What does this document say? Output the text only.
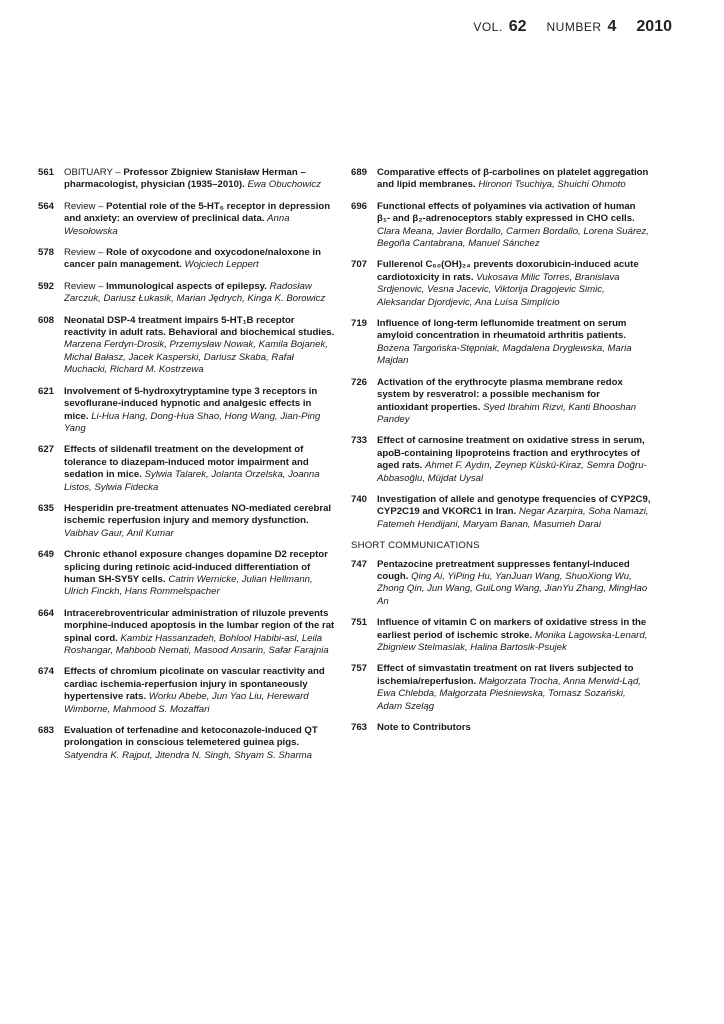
VOL. 62 NUMBER 4 2010
561	OBITUARY – Professor Zbigniew Stanisław Herman – pharmacologist, physician (1935–2010). Ewa Obuchowicz
564	Review – Potential role of the 5-HT₆ receptor in depression and anxiety: an overview of preclinical data. Anna Wesołowska
578	Review – Role of oxycodone and oxycodone/naloxone in cancer pain management. Wojciech Leppert
592	Review – Immunological aspects of epilepsy. Radosław Zarczuk, Dariusz Łukasik, Marian Jędrych, Kinga K. Borowicz
608	Neonatal DSP-4 treatment impairs 5-HT₁B receptor reactivity in adult rats. Behavioral and biochemical studies. Marzena Ferdyn-Drosik, Przemysław Nowak, Kamila Bojanek, Michał Bałasz, Jacek Kasperski, Dariusz Skaba, Rafał Muchacki, Richard M. Kostrzewa
621	Involvement of 5-hydroxytryptamine type 3 receptors in sevoflurane-induced hypnotic and analgesic effects in mice. Li-Hua Hang, Dong-Hua Shao, Hong Wang, Jian-Ping Yang
627	Effects of sildenafil treatment on the development of tolerance to diazepam-induced motor impairment and sedation in mice. Sylwia Talarek, Jolanta Orzelska, Joanna Listos, Sylwia Fidecka
635	Hesperidin pre-treatment attenuates NO-mediated cerebral ischemic reperfusion injury and memory dysfunction. Vaibhav Gaur, Anil Kumar
649	Chronic ethanol exposure changes dopamine D2 receptor splicing during retinoic acid-induced differentiation of human SH-SY5Y cells. Catrin Wernicke, Julian Hellmann, Ulrich Finckh, Hans Rommelspacher
664	Intracerebroventricular administration of riluzole prevents morphine-induced apoptosis in the lumbar region of the rat spinal cord. Kambiz Hassanzadeh, Bohlool Habibi-asl, Leila Roshangar, Mahboob Nemati, Masood Ansarin, Safar Farajnia
674	Effects of chromium picolinate on vascular reactivity and cardiac ischemia-reperfusion injury in spontaneously hypertensive rats. Worku Abebe, Jun Yao Liu, Hereward Wimborne, Mahmood S. Mozaffari
683	Evaluation of terfenadine and ketoconazole-induced QT prolongation in conscious telemetered guinea pigs. Satyendra K. Rajput, Jitendra N. Singh, Shyam S. Sharma
689	Comparative effects of β-carbolines on platelet aggregation and lipid membranes. Hironori Tsuchiya, Shuichi Ohmoto
696	Functional effects of polyamines via activation of human β₁- and β₂-adrenoceptors stably expressed in CHO cells. Clara Meana, Javier Bordallo, Carmen Bordallo, Lorena Suárez, Begoña Cantabrana, Manuel Sánchez
707	Fullerenol C₆₀(OH)₂₄ prevents doxorubicin-induced acute cardiotoxicity in rats. Vukosava Milic Torres, Branislava Srdjenovic, Vesna Jacevic, Viktorija Dragojevic Simic, Aleksandar Djordjevic, Ana Luísa Simplício
719	Influence of long-term leflunomide treatment on serum amyloid concentration in rheumatoid arthritis patients. Bożena Targońska-Stępniak, Magdalena Dryglewska, Maria Majdan
726	Activation of the erythrocyte plasma membrane redox system by resveratrol: a possible mechanism for antioxidant properties. Syed Ibrahim Rizvi, Kanti Bhooshan Pandey
733	Effect of carnosine treatment on oxidative stress in serum, apoB-containing lipoproteins fraction and erythrocytes of aged rats. Ahmet F. Aydın, Zeynep Küskü-Kiraz, Semra Doğru-Abbasoğlu, Müjdat Uysal
740	Investigation of allele and genotype frequencies of CYP2C9, CYP2C19 and VKORC1 in Iran. Negar Azarpira, Soha Namazi, Fatemeh Hendijani, Maryam Banan, Masumeh Darai
SHORT COMMUNICATIONS
747	Pentazocine pretreatment suppresses fentanyl-induced cough. Qing Ai, YiPing Hu, YanJuan Wang, ShuoXiong Wu, Zhong Qin, Jun Wang, GuiLong Wang, JianYu Zhang, MingHao An
751	Influence of vitamin C on markers of oxidative stress in the earliest period of ischemic stroke. Monika Lagowska-Lenard, Zbigniew Stelmasiak, Halina Bartosik-Psujek
757	Effect of simvastatin treatment on rat livers subjected to ischemia/reperfusion. Małgorzata Trocha, Anna Merwid-Ląd, Ewa Chlebda, Małgorzata Pieśniewska, Tomasz Sozański, Adam Szeląg
763	Note to Contributors
